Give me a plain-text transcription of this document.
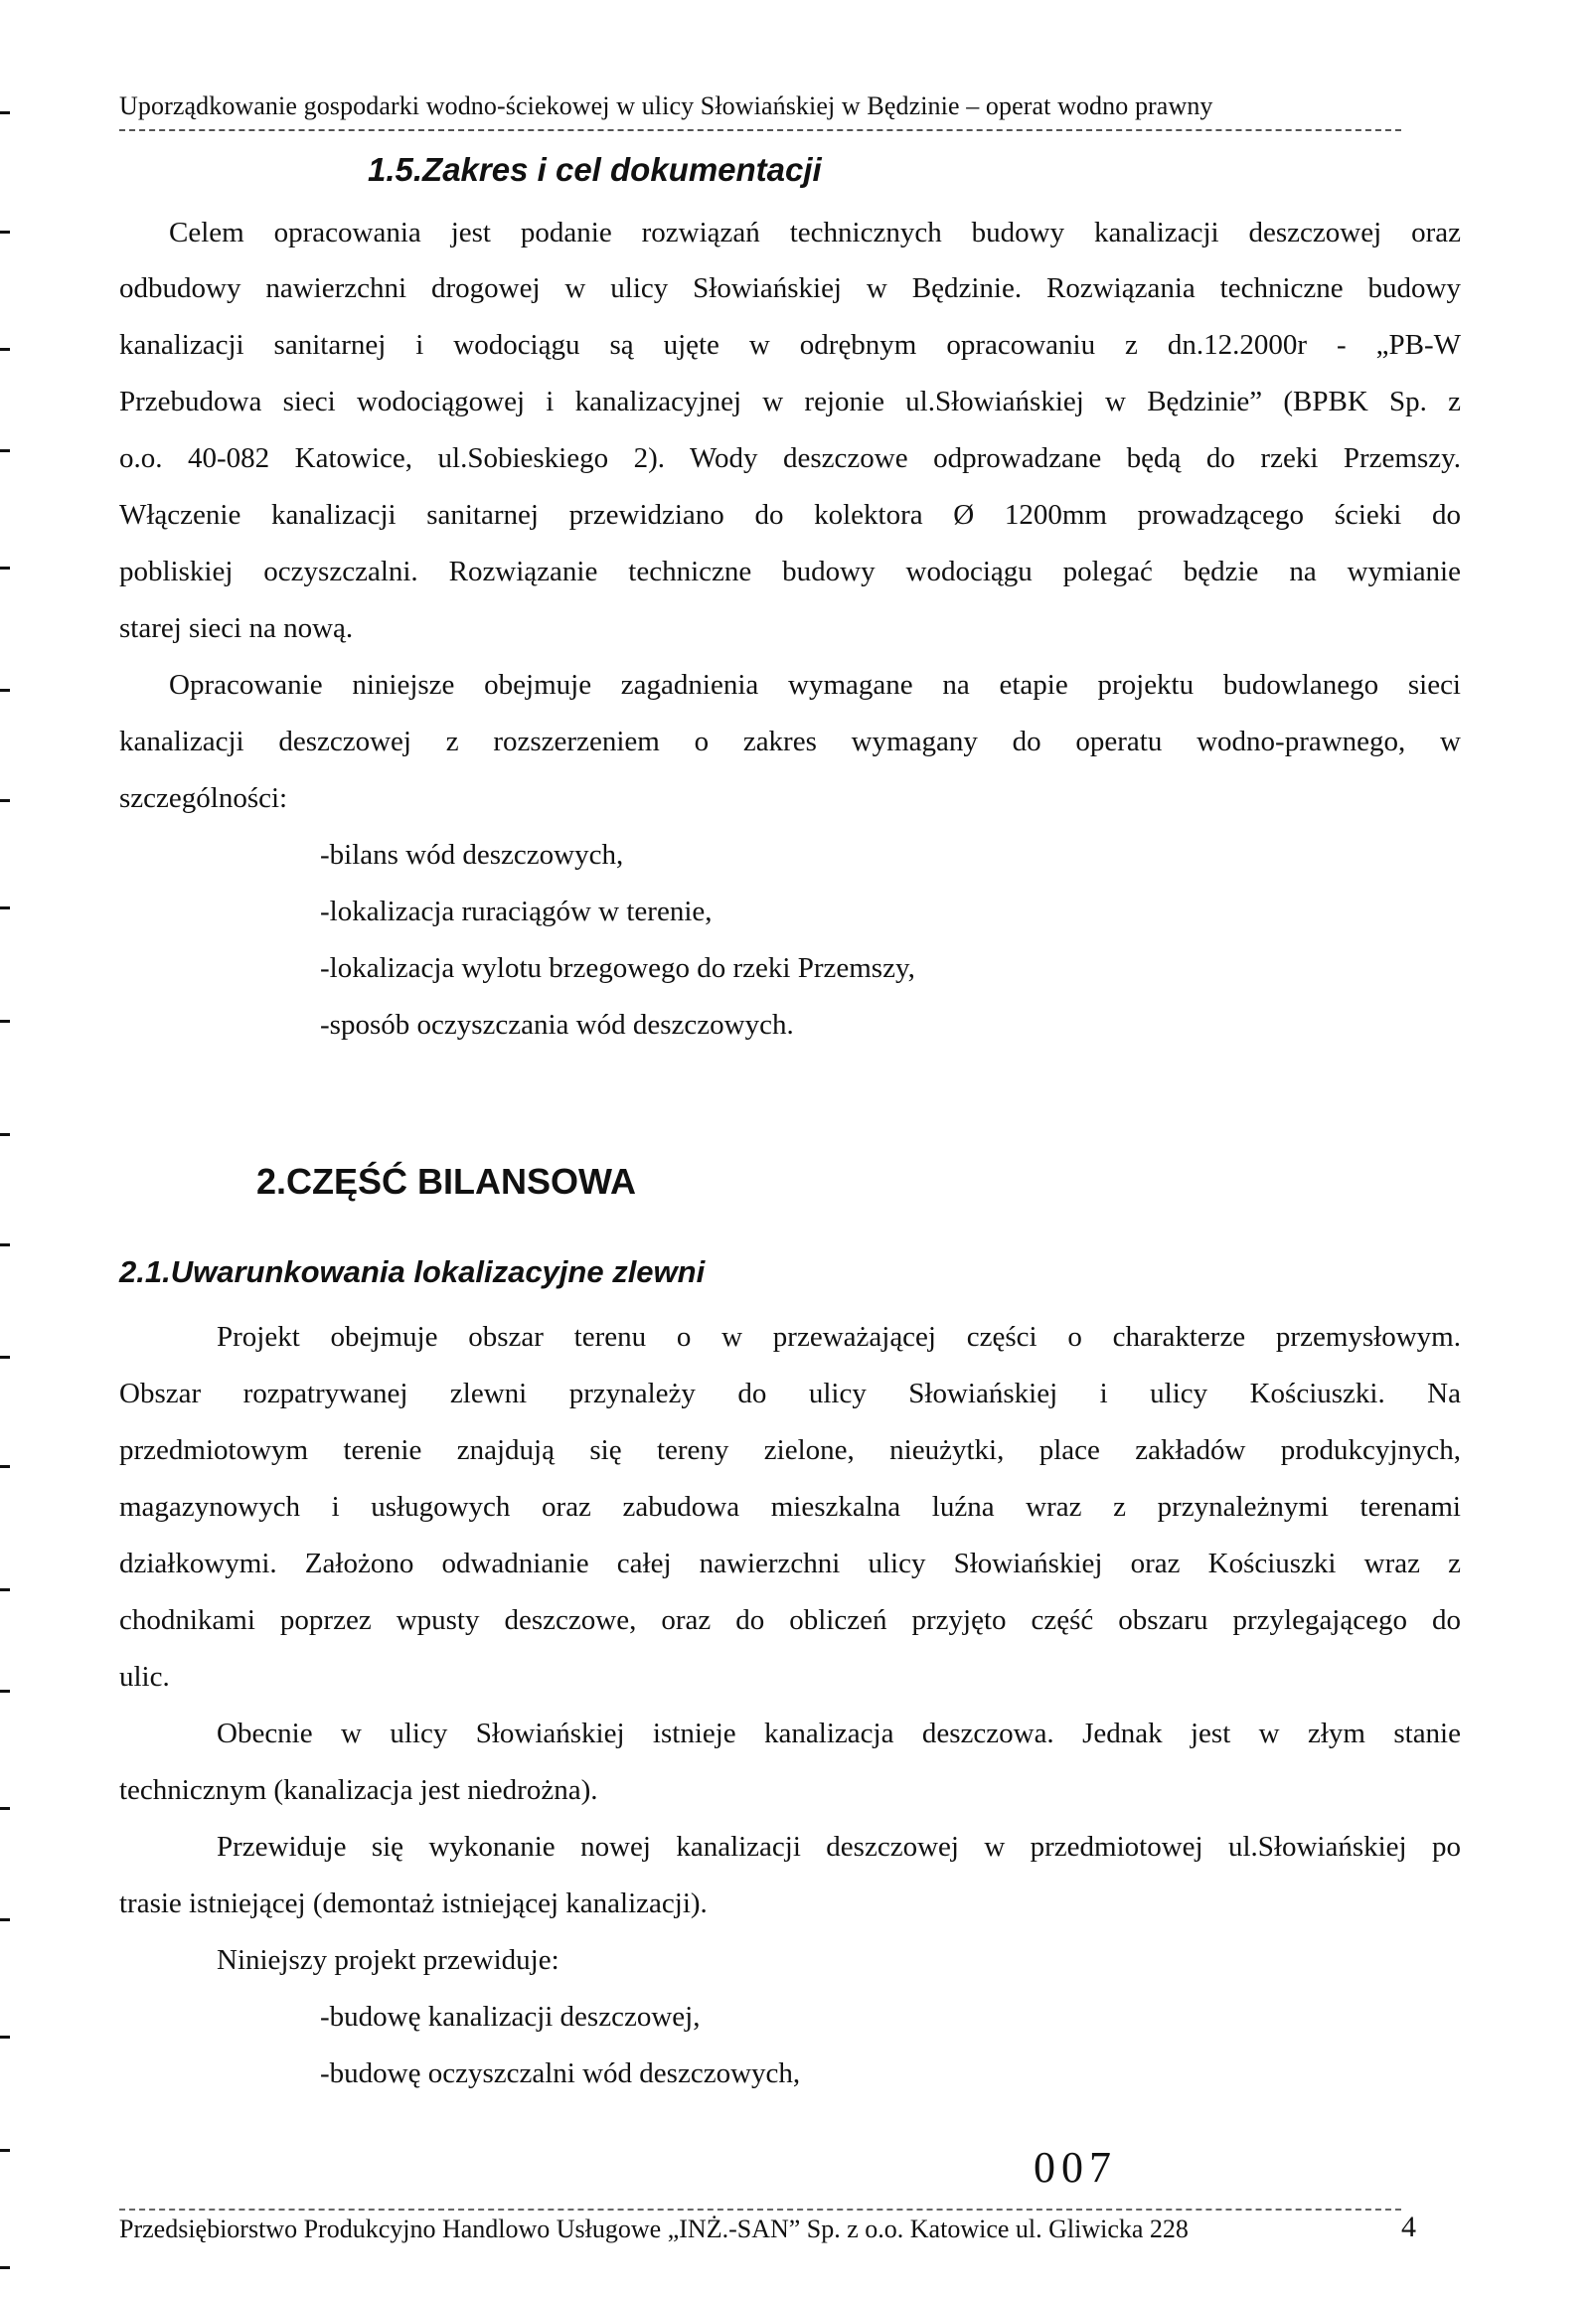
Uporządkowanie gospodarki wodno-ściekowej w ulicy Słowiańskiej w Będzinie – operat wodno prawny
1.5.Zakres i cel dokumentacji
Celem opracowania jest podanie rozwiązań technicznych budowy kanalizacji deszczowej oraz
odbudowy nawierzchni drogowej w ulicy Słowiańskiej w Będzinie. Rozwiązania techniczne budowy
kanalizacji sanitarnej i wodociągu są ujęte w odrębnym opracowaniu z dn.12.2000r - „PB-W
Przebudowa sieci wodociągowej i kanalizacyjnej w rejonie ul.Słowiańskiej w Będzinie” (BPBK Sp. z
o.o. 40-082 Katowice, ul.Sobieskiego 2). Wody deszczowe odprowadzane będą do rzeki Przemszy.
Włączenie kanalizacji sanitarnej przewidziano do kolektora Ø 1200mm prowadzącego ścieki do
pobliskiej oczyszczalni. Rozwiązanie techniczne budowy wodociągu polegać będzie na wymianie
starej sieci na nową.
Opracowanie niniejsze obejmuje zagadnienia wymagane na etapie projektu budowlanego sieci
kanalizacji deszczowej z rozszerzeniem o zakres wymagany do operatu wodno-prawnego, w
szczególności:
-bilans wód deszczowych,
-lokalizacja ruraciągów w terenie,
-lokalizacja wylotu brzegowego do rzeki Przemszy,
-sposób oczyszczania wód deszczowych.
2.CZĘŚĆ BILANSOWA
2.1.Uwarunkowania lokalizacyjne zlewni
Projekt obejmuje obszar terenu o w przeważającej części o charakterze przemysłowym.
Obszar rozpatrywanej zlewni przynależy do ulicy Słowiańskiej i ulicy Kościuszki. Na
przedmiotowym terenie znajdują się tereny zielone, nieużytki, place zakładów produkcyjnych,
magazynowych i usługowych oraz zabudowa mieszkalna luźna wraz z przynależnymi terenami
działkowymi. Założono odwadnianie całej nawierzchni ulicy Słowiańskiej oraz Kościuszki wraz z
chodnikami poprzez wpusty deszczowe, oraz do obliczeń przyjęto część obszaru przylegającego do
ulic.
Obecnie w ulicy Słowiańskiej istnieje kanalizacja deszczowa. Jednak jest w złym stanie
technicznym (kanalizacja jest niedrożna).
Przewiduje się wykonanie nowej kanalizacji deszczowej w przedmiotowej ul.Słowiańskiej po
trasie istniejącej (demontaż istniejącej kanalizacji).
Niniejszy projekt przewiduje:
-budowę kanalizacji deszczowej,
-budowę oczyszczalni wód deszczowych,
007
Przedsiębiorstwo Produkcyjno Handlowo Usługowe „INŻ.-SAN” Sp. z o.o. Katowice ul. Gliwicka 228	4
